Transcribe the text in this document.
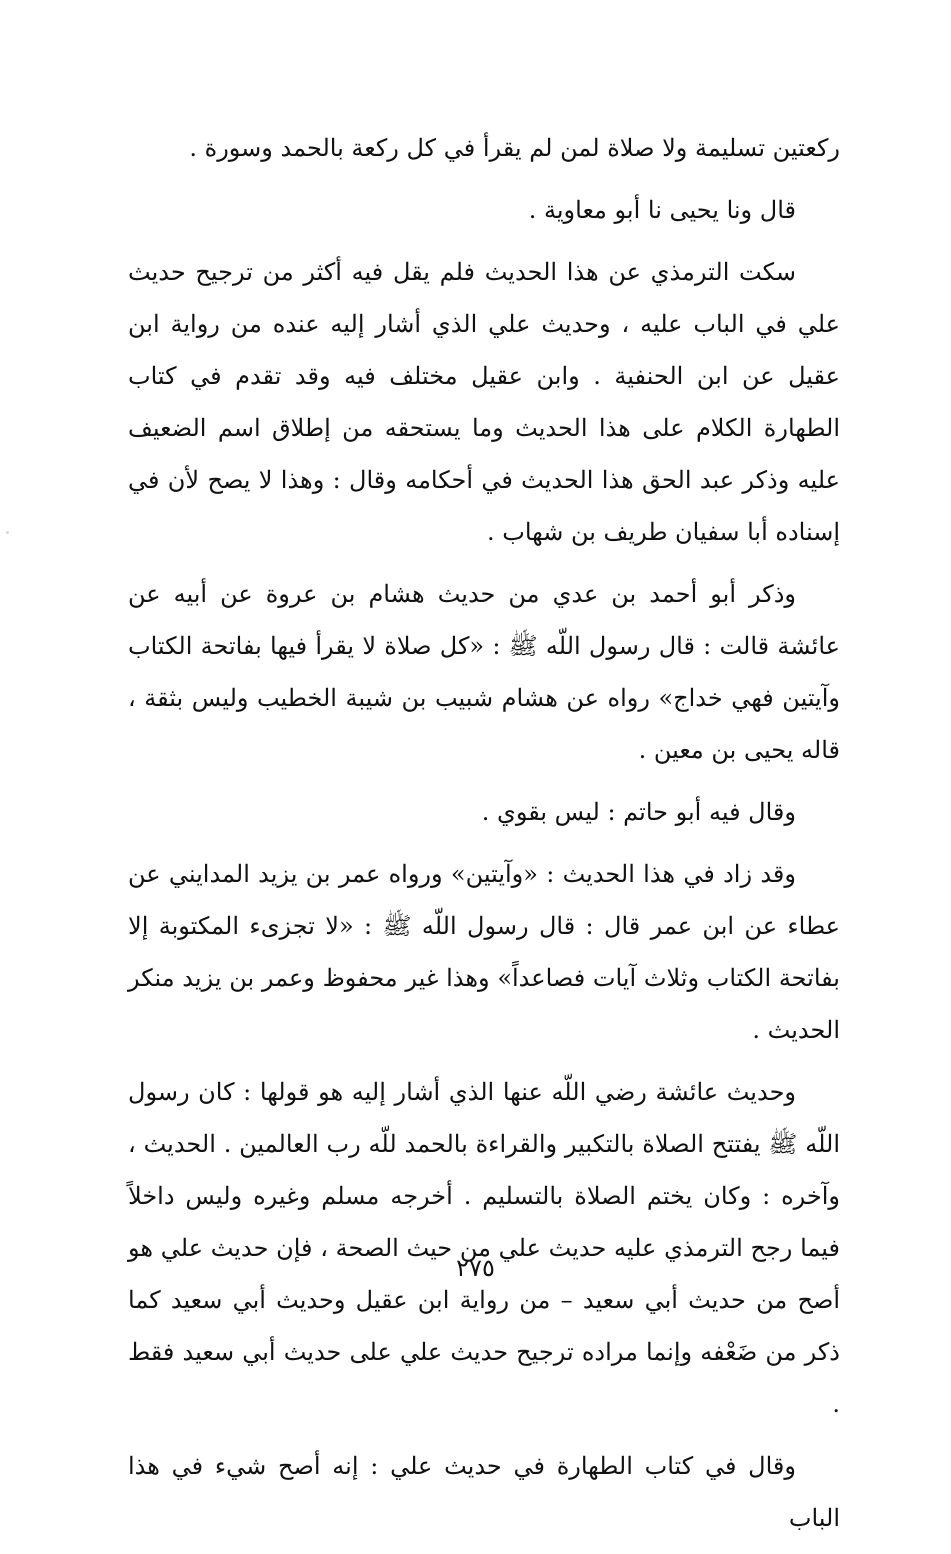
ركعتين تسليمة ولا صلاة لمن لم يقرأ في كل ركعة بالحمد وسورة .

قال ونا يحيى نا أبو معاوية .

سكت الترمذي عن هذا الحديث فلم يقل فيه أكثر من ترجيح حديث علي في الباب عليه ، وحديث علي الذي أشار إليه عنده من رواية ابن عقيل عن ابن الحنفية . وابن عقيل مختلف فيه وقد تقدم في كتاب الطهارة الكلام على هذا الحديث وما يستحقه من إطلاق اسم الضعيف عليه وذكر عبد الحق هذا الحديث في أحكامه وقال : وهذا لا يصح لأن في إسناده أبا سفيان طريف بن شهاب .

وذكر أبو أحمد بن عدي من حديث هشام بن عروة عن أبيه عن عائشة قالت : قال رسول اللّه ﷺ : «كل صلاة لا يقرأ فيها بفاتحة الكتاب وآيتين فهي خداج» رواه عن هشام شبيب بن شيبة الخطيب وليس بثقة ، قاله يحيى بن معين .

وقال فيه أبو حاتم : ليس بقوي .

وقد زاد في هذا الحديث : «وآيتين» ورواه عمر بن يزيد المدايني عن عطاء عن ابن عمر قال : قال رسول اللّه ﷺ : «لا تجزىء المكتوبة إلا بفاتحة الكتاب وثلاث آيات فصاعداً» وهذا غير محفوظ وعمر بن يزيد منكر الحديث .

وحديث عائشة رضي اللّه عنها الذي أشار إليه هو قولها : كان رسول اللّه ﷺ يفتتح الصلاة بالتكبير والقراءة بالحمد للّه رب العالمين . الحديث ، وآخره : وكان يختم الصلاة بالتسليم . أخرجه مسلم وغيره وليس داخلاً فيما رجح الترمذي عليه حديث علي من حيث الصحة ، فإن حديث علي هو أصح من حديث أبي سعيد – من رواية ابن عقيل وحديث أبي سعيد كما ذكر من ضَعْفه وإنما مراده ترجيح حديث علي على حديث أبي سعيد فقط .

وقال في كتاب الطهارة في حديث علي : إنه أصح شيء في هذا الباب

٢٧٥
